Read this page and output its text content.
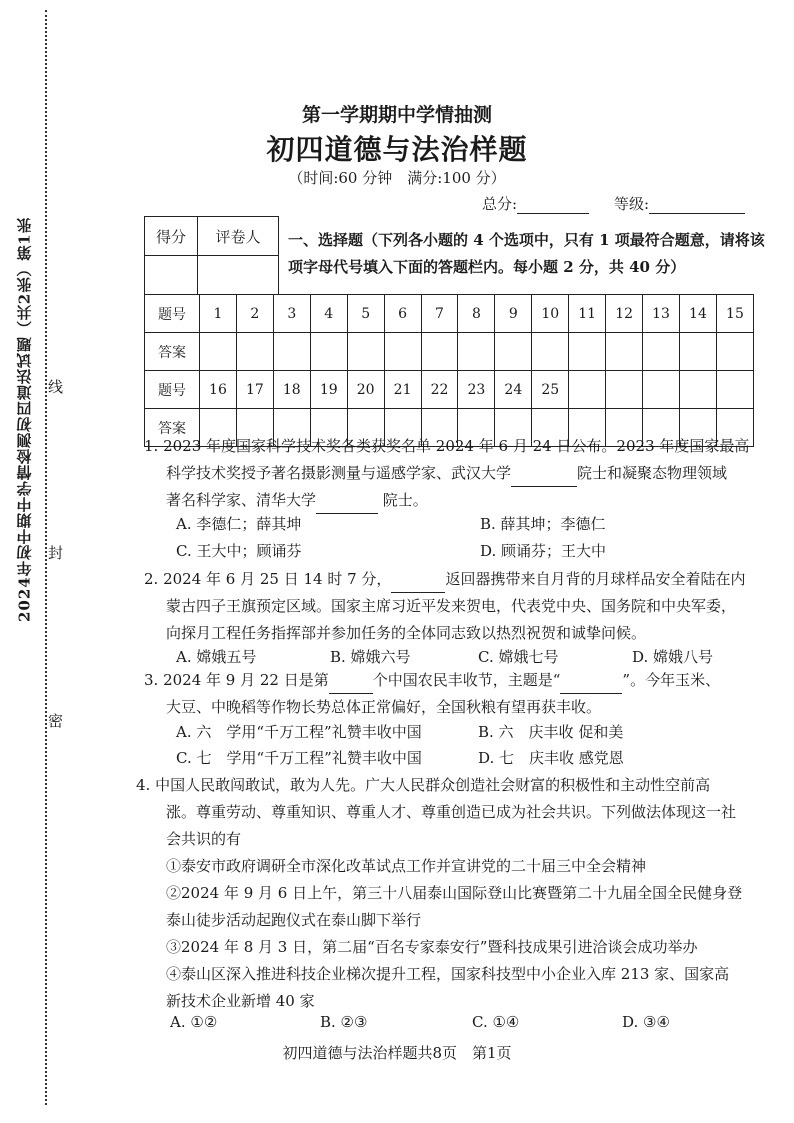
2024年初中期中学情检测初四道法试题（共2张）第1张 线
封
密
第一学期期中学情抽测
初四道德与法治样题
（时间:60 分钟　满分:100 分）
总分:	等级:
得分	评卷人
	一、选择题（下列各小题的 4 个选项中，只有 1 项最符合题意，请将该
项字母代号填入下面的答题栏内。每小题 2 分，共 40 分）
题号	1	2	3	4	5	6	7	8	9	10	11	12	13	14	15
答案															
题号	16	17	18	19	20	21	22	23	24	25					
答案															
1. 2023 年度国家科学技术奖各类获奖名单 2024 年 6 月 24 日公布。2023 年度国家最高
科学技术奖授予著名摄影测量与遥感学家、武汉大学	院士和凝聚态物理领域
著名科学家、清华大学	院士。
A. 李德仁；薛其坤	B. 薛其坤；李德仁
C. 王大中；顾诵芬	D. 顾诵芬；王大中
2. 2024 年 6 月 25 日 14 时 7 分，	返回器携带来自月背的月球样品安全着陆在内
蒙古四子王旗预定区域。国家主席习近平发来贺电，代表党中央、国务院和中央军委，
向探月工程任务指挥部并参加任务的全体同志致以热烈祝贺和诚挚问候。
A. 嫦娥五号	B. 嫦娥六号	C. 嫦娥七号	D. 嫦娥八号
3. 2024 年 9 月 22 日是第	个中国农民丰收节，主题是“	”。今年玉米、
大豆、中晚稻等作物长势总体正常偏好，全国秋粮有望再获丰收。
A. 六　学用“千万工程”礼赞丰收中国	B. 六　庆丰收 促和美
C. 七　学用“千万工程”礼赞丰收中国	D. 七　庆丰收 感党恩
4. 中国人民敢闯敢试，敢为人先。广大人民群众创造社会财富的积极性和主动性空前高
涨。尊重劳动、尊重知识、尊重人才、尊重创造已成为社会共识。下列做法体现这一社
会共识的有
①泰安市政府调研全市深化改革试点工作并宣讲党的二十届三中全会精神
②2024 年 9 月 6 日上午，第三十八届泰山国际登山比赛暨第二十九届全国全民健身登
泰山徒步活动起跑仪式在泰山脚下举行
③2024 年 8 月 3 日，第二届“百名专家泰安行”暨科技成果引进洽谈会成功举办
④泰山区深入推进科技企业梯次提升工程，国家科技型中小企业入库 213 家、国家高
新技术企业新增 40 家
A. ①②	B. ②③	C. ①④	D. ③④
初四道德与法治样题共8页　第1页
